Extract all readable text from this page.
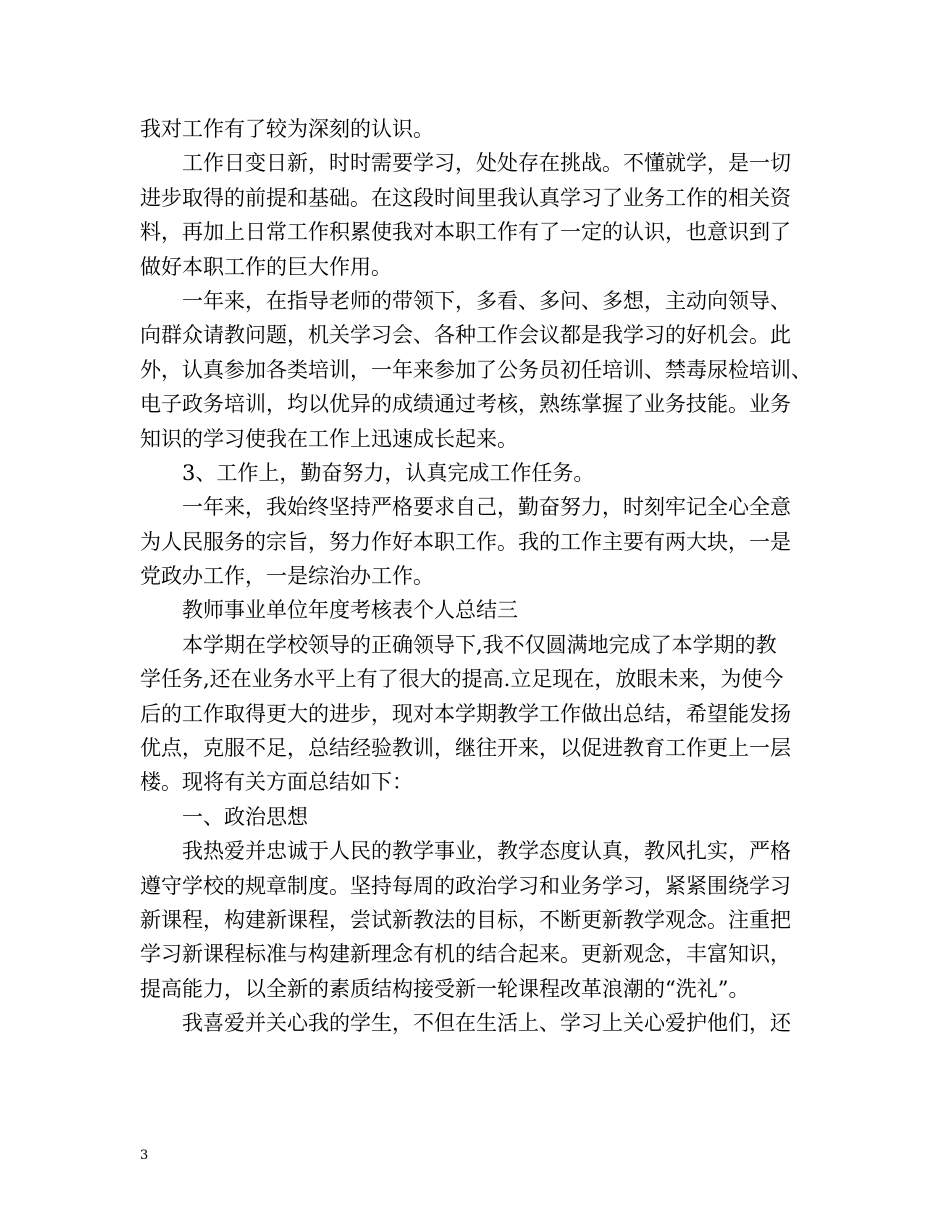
我对工作有了较为深刻的认识。
工作日变日新，时时需要学习，处处存在挑战。不懂就学，是一切
进步取得的前提和基础。在这段时间里我认真学习了业务工作的相关资
料，再加上日常工作积累使我对本职工作有了一定的认识，也意识到了
做好本职工作的巨大作用。
一年来，在指导老师的带领下，多看、多问、多想，主动向领导、
向群众请教问题，机关学习会、各种工作会议都是我学习的好机会。此
外，认真参加各类培训，一年来参加了公务员初任培训、禁毒尿检培训、
电子政务培训，均以优异的成绩通过考核，熟练掌握了业务技能。业务
知识的学习使我在工作上迅速成长起来。
3、工作上，勤奋努力，认真完成工作任务。
一年来，我始终坚持严格要求自己，勤奋努力，时刻牢记全心全意
为人民服务的宗旨，努力作好本职工作。我的工作主要有两大块，一是
党政办工作，一是综治办工作。
教师事业单位年度考核表个人总结三
本学期在学校领导的正确领导下,我不仅圆满地完成了本学期的教
学任务,还在业务水平上有了很大的提高.立足现在，放眼未来，为使今
后的工作取得更大的进步，现对本学期教学工作做出总结，希望能发扬
优点，克服不足，总结经验教训，继往开来，以促进教育工作更上一层
楼。现将有关方面总结如下：
一、政治思想
我热爱并忠诚于人民的教学事业，教学态度认真，教风扎实，严格
遵守学校的规章制度。坚持每周的政治学习和业务学习，紧紧围绕学习
新课程，构建新课程，尝试新教法的目标，不断更新教学观念。注重把
学习新课程标准与构建新理念有机的结合起来。更新观念，丰富知识，
提高能力，以全新的素质结构接受新一轮课程改革浪潮的“洗礼”。
我喜爱并关心我的学生，不但在生活上、学习上关心爱护他们，还
3
